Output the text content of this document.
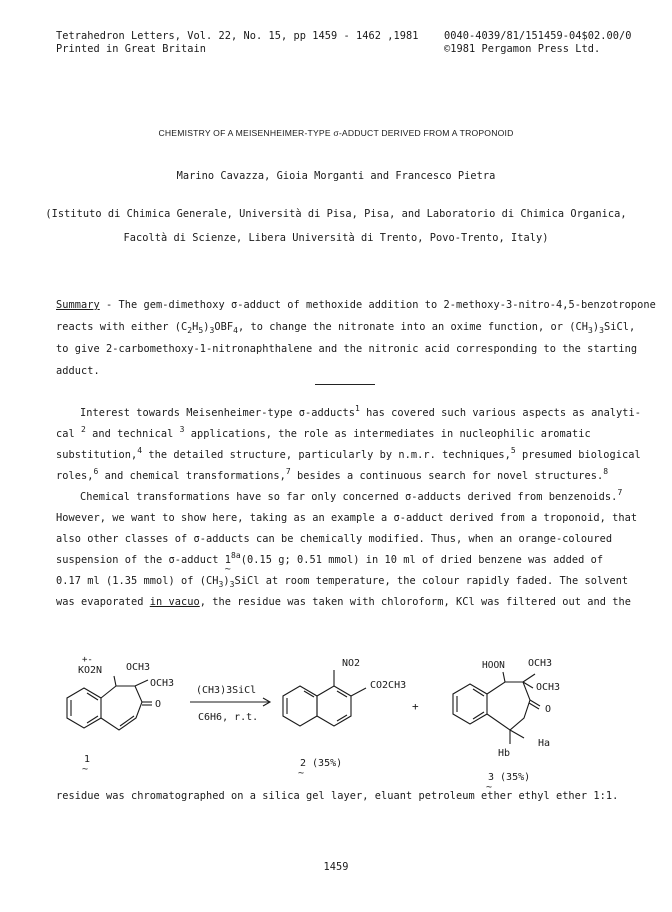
Tetrahedron Letters, Vol. 22, No. 15, pp 1459 - 1462 ,1981 0040-4039/81/151459-04$02.00/0
Printed in Great Britain	©1981 Pergamon Press Ltd.
CHEMISTRY OF A MEISENHEIMER-TYPE σ-ADDUCT DERIVED FROM A TROPONOID
Marino Cavazza, Gioia Morganti and Francesco Pietra
(Istituto di Chimica Generale, Università di Pisa, Pisa, and Laboratorio di Chimica Organica,
Facoltà di Scienze, Libera Università di Trento, Povo-Trento, Italy)
Summary - The gem-dimethoxy σ-adduct of methoxide addition to 2-methoxy-3-nitro-4,5-benzotropone
reacts with either $(C_2H_5)_3OBF_4$, to change the nitronate into an oxime function, or $(CH_3)_3SiCl$,
to give 2-carbomethoxy-1-nitronaphthalene and the nitronic acid corresponding to the starting
adduct.
Interest towards Meisenheimer-type σ-adducts$^1$ has covered such various aspects as analyti-
cal $^2$ and technical $^3$ applications, the role as intermediates in nucleophilic aromatic
substitution,$^4$ the detailed structure, particularly by n.m.r. techniques,$^5$ presumed biological
roles,$^6$ and chemical transformations,$^7$ besides a continuous search for novel structures.$^8$
Chemical transformations have so far only concerned σ-adducts derived from benzenoids.$^7$
However, we want to show here, taking as an example a σ-adduct derived from a troponoid, that
also other classes of σ-adducts can be chemically modified. Thus, when an orange-coloured
suspension of the σ-adduct $1^{8a}$
~
(0.15 g; 0.51 mmol) in 10 ml of dried benzene was added of
0.17 ml (1.35 mmol) of $(CH_3)_3SiCl$ at room temperature, the colour rapidly faded. The solvent
was evaporated in vacuo, the residue was taken with chloroform, KCl was filtered out and the
+-
KO2N OCH3
OCH3
O
(CH3)3SiCl
C6H6, r.t.
NO2
CO2CH3
+
HOON OCH3
OCH3
O
Hb
Ha
1
~
2 (35%)
~	3 (35%)
~
residue was chromatographed on a silica gel layer, eluant petroleum ether ethyl ether 1:1.
1459
